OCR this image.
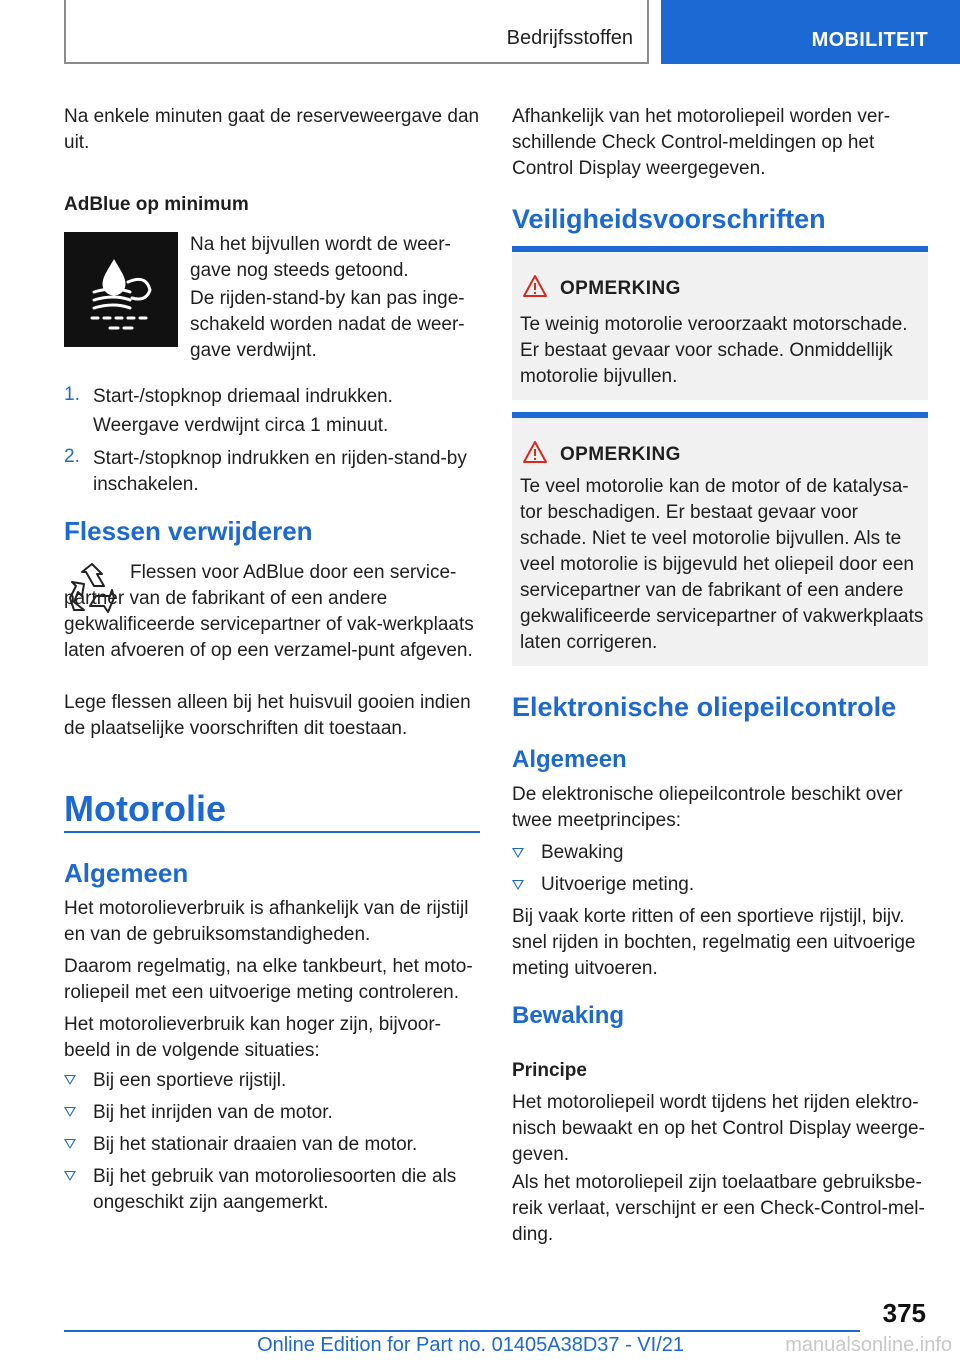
Bedrijfsstoffen	MOBILITEIT

Na enkele minuten gaat de reserveweergave dan uit.

AdBlue op minimum

Na het bijvullen wordt de weer-gave nog steeds getoond.

De rijden-stand-by kan pas inge-schakeld worden nadat de weer-gave verdwijnt.

1. Start-/stopknop driemaal indrukken.

Weergave verdwijnt circa 1 minuut.

2. Start-/stopknop indrukken en rijden-stand-by inschakelen.

Flessen verwijderen

Flessen voor AdBlue door een service-partner van de fabrikant of een andere gekwalificeerde servicepartner of vak-werkplaats laten afvoeren of op een verzamel-punt afgeven.

Lege flessen alleen bij het huisvuil gooien indien de plaatselijke voorschriften dit toestaan.

Motorolie
Algemeen

Het motorolieverbruik is afhankelijk van de rijstijl en van de gebruiksomstandigheden.

Daarom regelmatig, na elke tankbeurt, het moto-roliepeil met een uitvoerige meting controleren.

Het motorolieverbruik kan hoger zijn, bijvoor-beeld in de volgende situaties:

Bij een sportieve rijstijl.

Bij het inrijden van de motor.

Bij het stationair draaien van de motor.

Bij het gebruik van motoroliesoorten die als ongeschikt zijn aangemerkt.

Afhankelijk van het motoroliepeil worden ver-schillende Check Control-meldingen op het Control Display weergegeven.

Veiligheidsvoorschriften
OPMERKING

Te weinig motorolie veroorzaakt motorschade. Er bestaat gevaar voor schade. Onmiddellijk motorolie bijvullen.

OPMERKING

Te veel motorolie kan de motor of de katalysa-tor beschadigen. Er bestaat gevaar voor schade. Niet te veel motorolie bijvullen. Als te veel motorolie is bijgevuld het oliepeil door een servicepartner van de fabrikant of een andere gekwalificeerde servicepartner of vakwerkplaats laten corrigeren.

Elektronische oliepeilcontrole
Algemeen

De elektronische oliepeilcontrole beschikt over twee meetprincipes:

Bewaking

Uitvoerige meting.

Bij vaak korte ritten of een sportieve rijstijl, bijv. snel rijden in bochten, regelmatig een uitvoerige meting uitvoeren.

Bewaking

Principe

Het motoroliepeil wordt tijdens het rijden elektro-nisch bewaakt en op het Control Display weerge-geven.

Als het motoroliepeil zijn toelaatbare gebruiksbe-reik verlaat, verschijnt er een Check-Control-mel-ding.

375
Online Edition for Part no. 01405A38D37 - VI/21	manualsonline.info
